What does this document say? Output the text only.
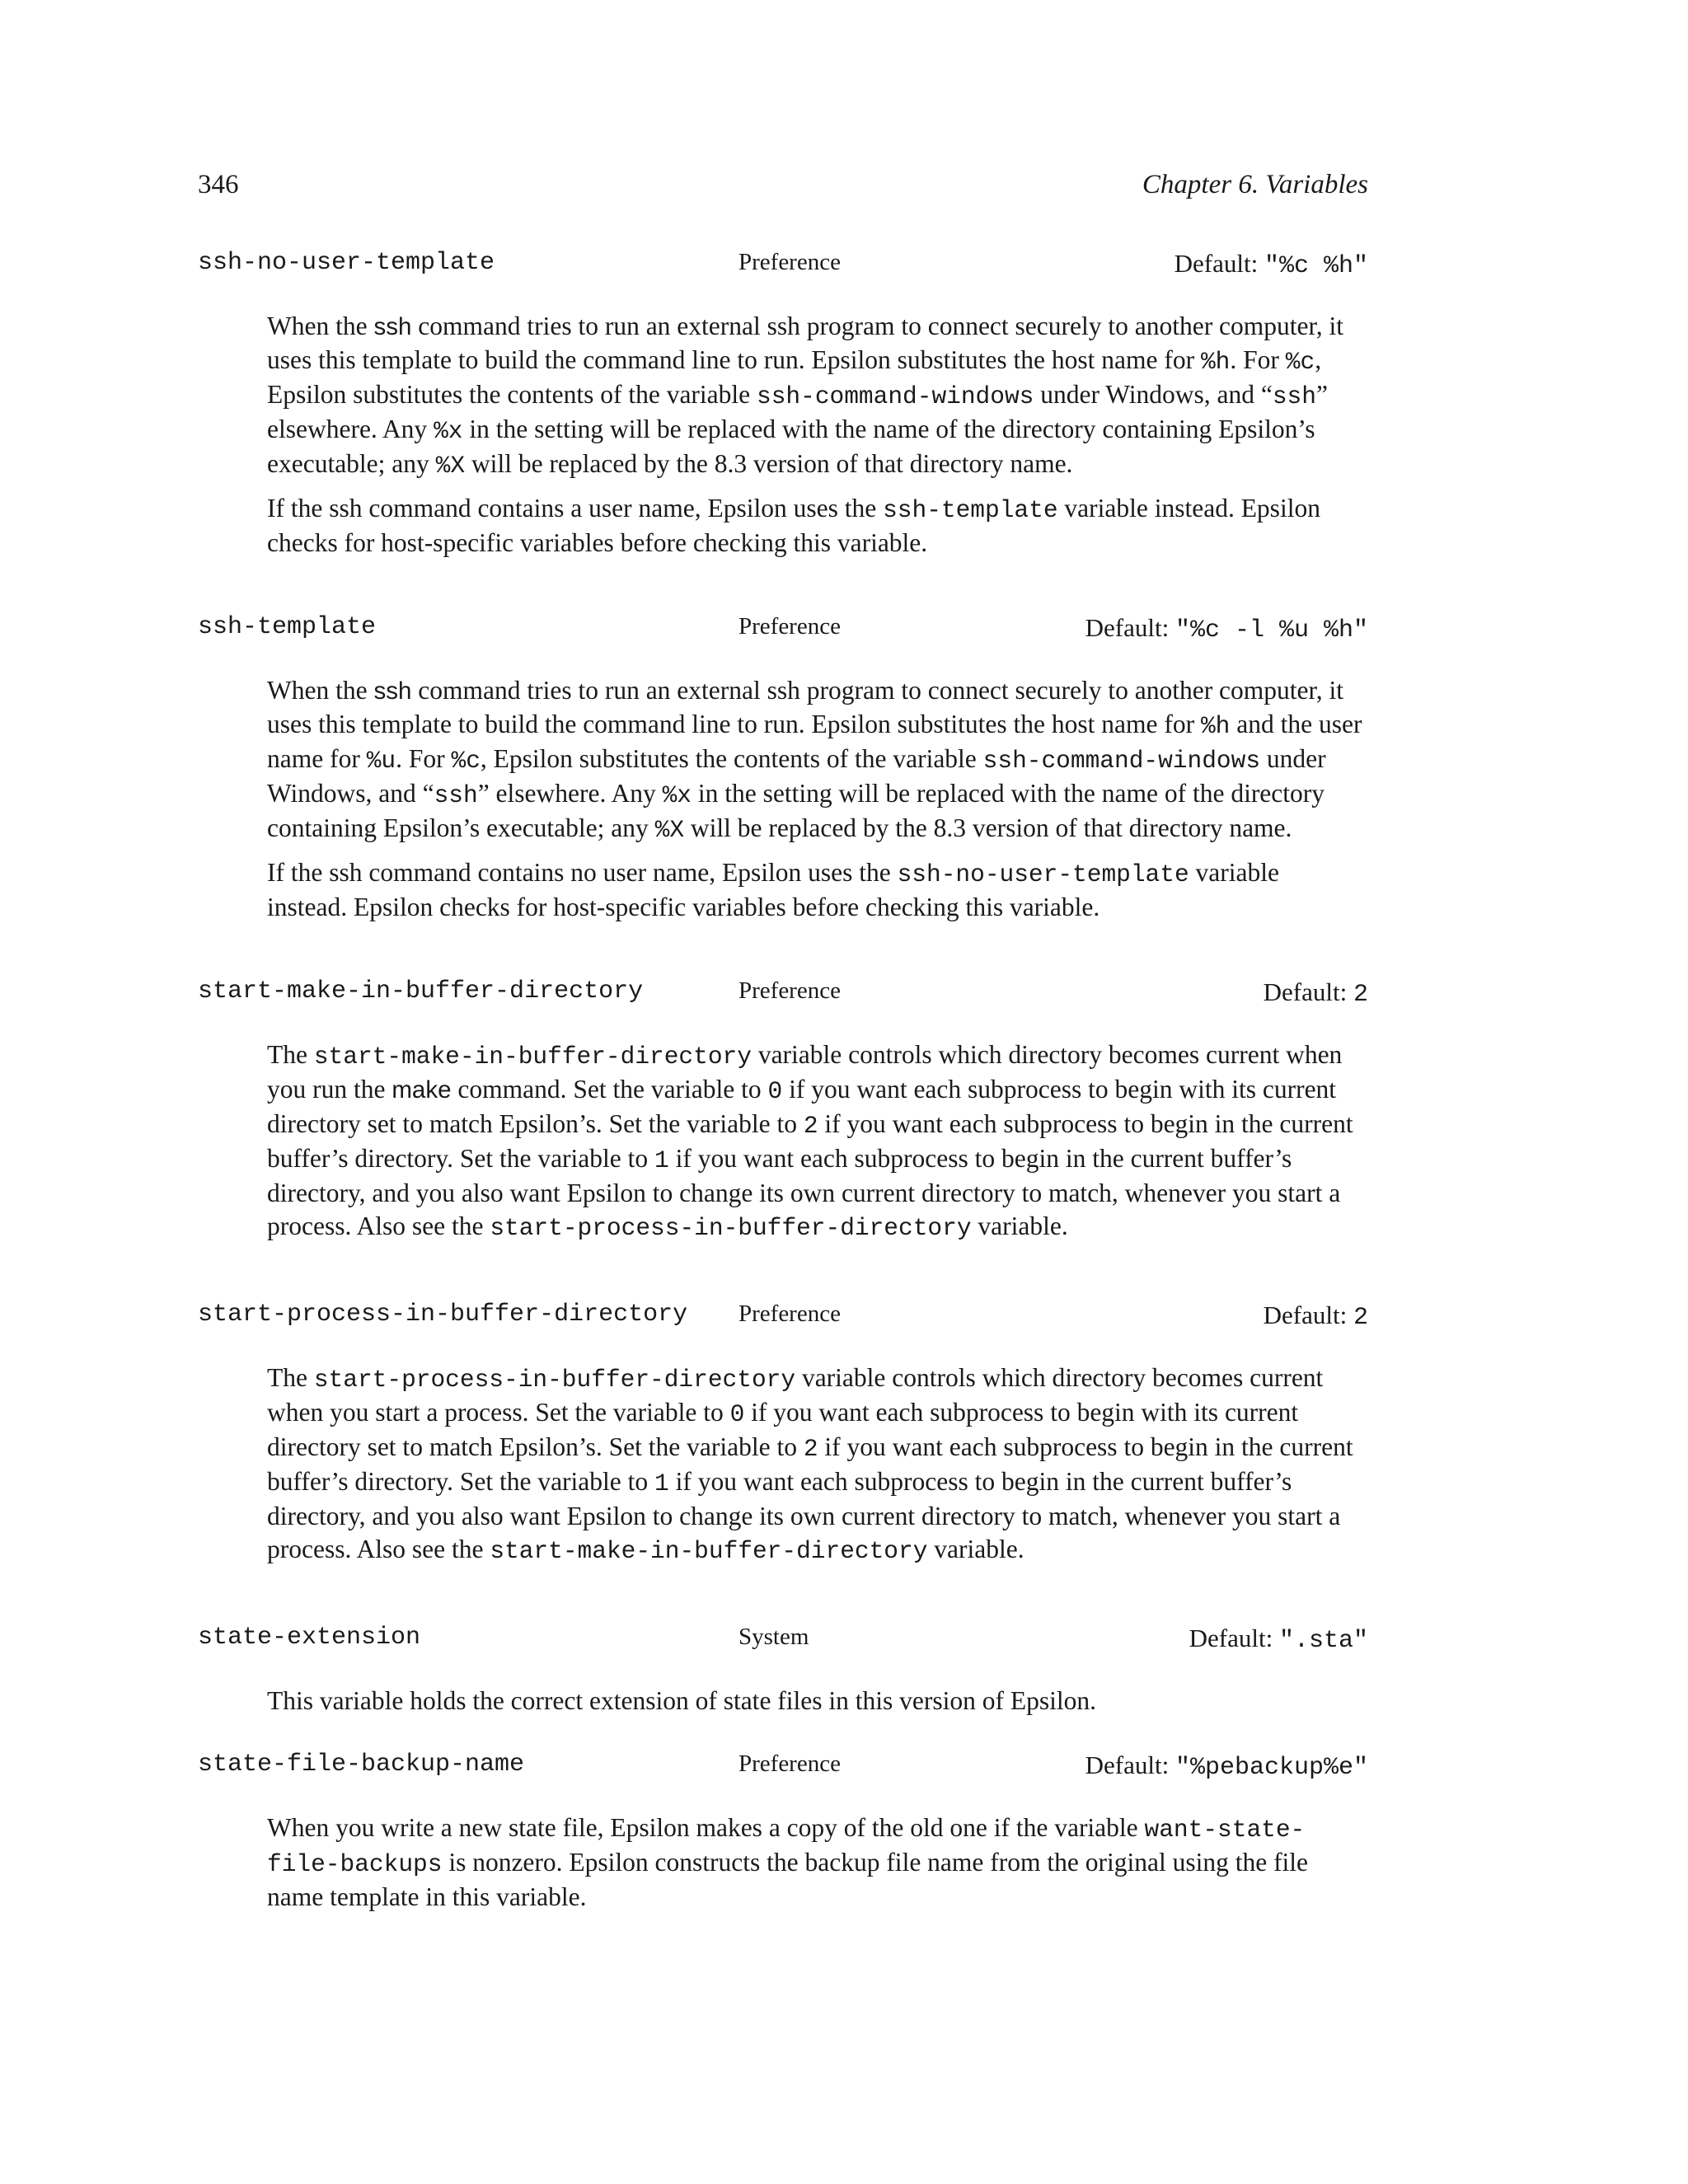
346	Chapter 6. Variables
ssh-no-user-template	Preference	Default: "%c %h"

When the ssh command tries to run an external ssh program to connect securely to another computer, it uses this template to build the command line to run. Epsilon substitutes the host name for %h. For %c, Epsilon substitutes the contents of the variable ssh-command-windows under Windows, and “ssh” elsewhere. Any %x in the setting will be replaced with the name of the directory containing Epsilon’s executable; any %X will be replaced by the 8.3 version of that directory name.

If the ssh command contains a user name, Epsilon uses the ssh-template variable instead. Epsilon checks for host-specific variables before checking this variable.

ssh-template	Preference	Default: "%c -l %u %h"

When the ssh command tries to run an external ssh program to connect securely to another computer, it uses this template to build the command line to run. Epsilon substitutes the host name for %h and the user name for %u. For %c, Epsilon substitutes the contents of the variable ssh-command-windows under Windows, and “ssh” elsewhere. Any %x in the setting will be replaced with the name of the directory containing Epsilon’s executable; any %X will be replaced by the 8.3 version of that directory name.

If the ssh command contains no user name, Epsilon uses the ssh-no-user-template variable instead. Epsilon checks for host-specific variables before checking this variable.

start-make-in-buffer-directory	Preference	Default: 2

The start-make-in-buffer-directory variable controls which directory becomes current when you run the make command. Set the variable to 0 if you want each subprocess to begin with its current directory set to match Epsilon’s. Set the variable to 2 if you want each subprocess to begin in the current buffer’s directory. Set the variable to 1 if you want each subprocess to begin in the current buffer’s directory, and you also want Epsilon to change its own current directory to match, whenever you start a process. Also see the start-process-in-buffer-directory variable.

start-process-in-buffer-directory Preference	Default: 2

The start-process-in-buffer-directory variable controls which directory becomes current when you start a process. Set the variable to 0 if you want each subprocess to begin with its current directory set to match Epsilon’s. Set the variable to 2 if you want each subprocess to begin in the current buffer’s directory. Set the variable to 1 if you want each subprocess to begin in the current buffer’s directory, and you also want Epsilon to change its own current directory to match, whenever you start a process. Also see the start-make-in-buffer-directory variable.

state-extension	System	Default: ".sta"

This variable holds the correct extension of state files in this version of Epsilon.

state-file-backup-name	Preference	Default: "%pebackup%e"

When you write a new state file, Epsilon makes a copy of the old one if the variable want-state-file-backups is nonzero. Epsilon constructs the backup file name from the original using the file name template in this variable.
